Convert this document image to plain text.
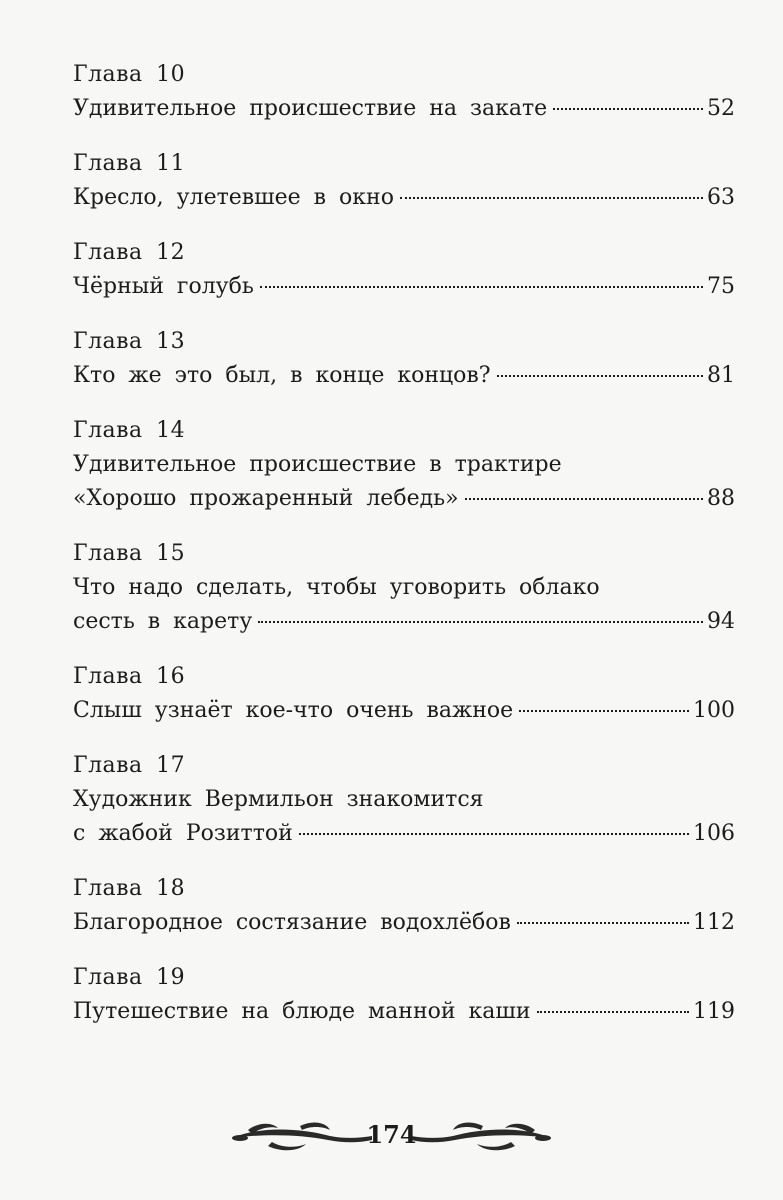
Глава 10
Удивительное происшествие на закате	52
Глава 11
Кресло, улетевшее в окно	63
Глава 12
Чёрный голубь	75
Глава 13
Кто же это был, в конце концов?	81
Глава 14
Удивительное происшествие в трактире
«Хорошо прожаренный лебедь»	88
Глава 15
Что надо сделать, чтобы уговорить облако
сесть в карету	94
Глава 16
Слыш узнаёт кое-что очень важное	100
Глава 17
Художник Вермильон знакомится
с жабой Розиттой	106
Глава 18
Благородное состязание водохлёбов	112
Глава 19
Путешествие на блюде манной каши	119
174
